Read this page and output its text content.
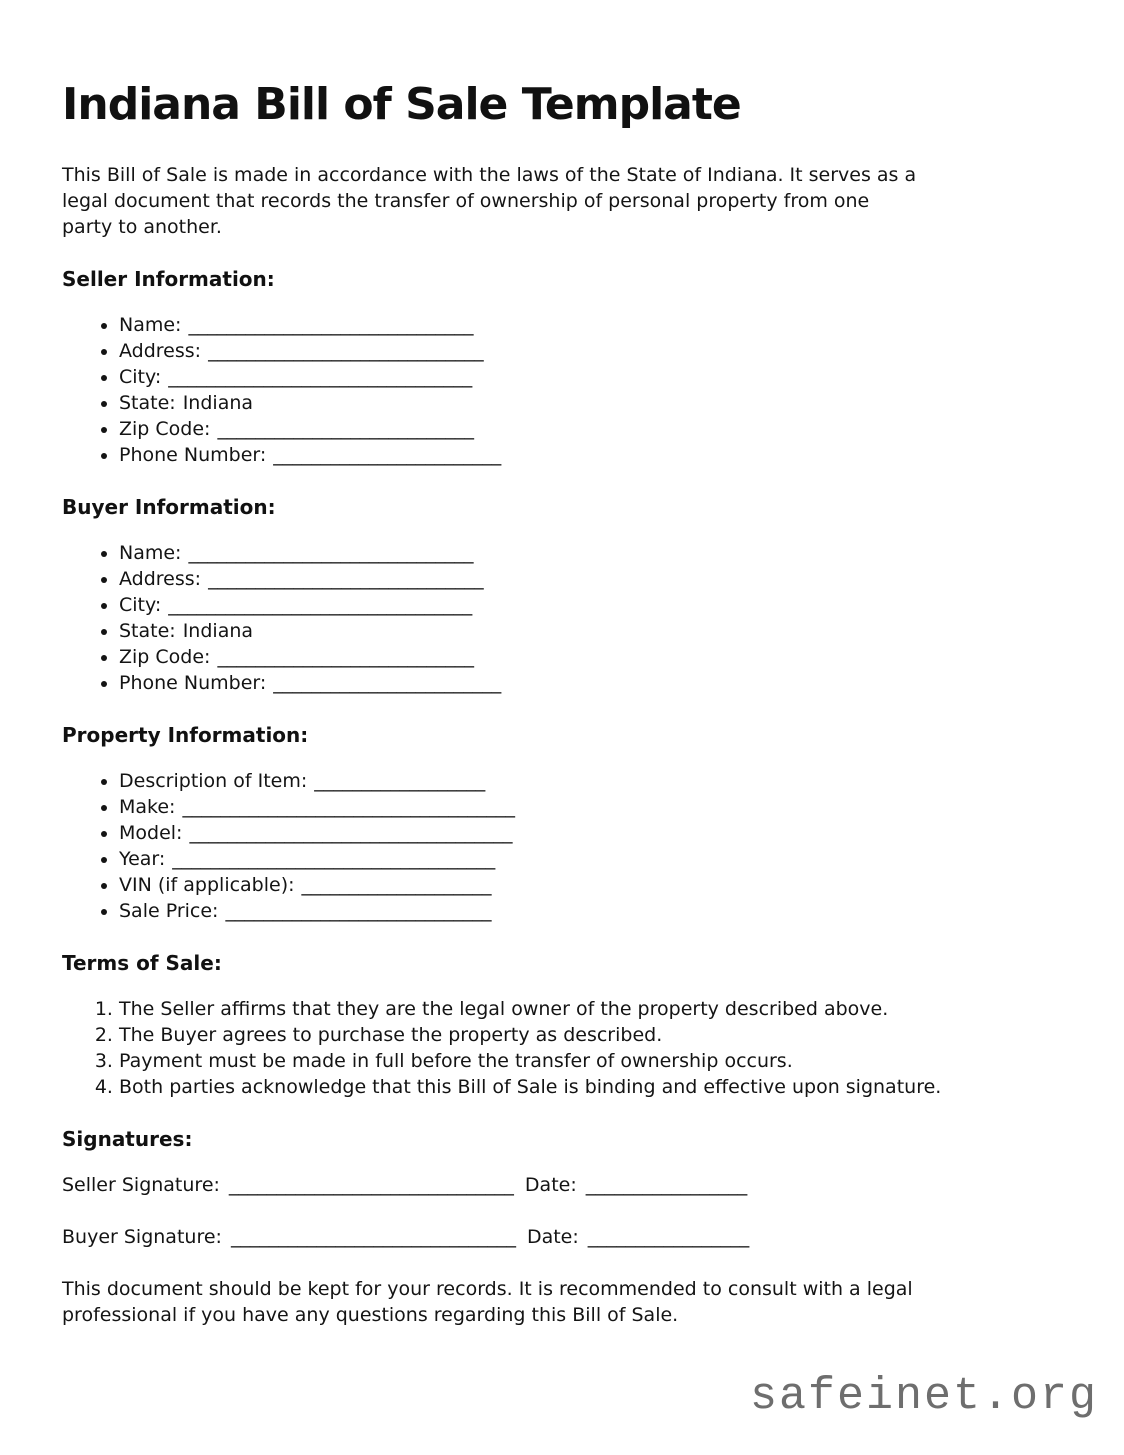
Indiana Bill of Sale Template

This Bill of Sale is made in accordance with the laws of the State of Indiana. It serves as a
legal document that records the transfer of ownership of personal property from one
party to another.

Seller Information:
• Name: ______________________________
• Address: _____________________________
• City: ________________________________
• State: Indiana
• Zip Code: ___________________________
• Phone Number: ________________________
Buyer Information:
• Name: ______________________________
• Address: _____________________________
• City: ________________________________
• State: Indiana
• Zip Code: ___________________________
• Phone Number: ________________________
Property Information:
• Description of Item: __________________
• Make: ___________________________________
• Model: __________________________________
• Year: __________________________________
• VIN (if applicable): ____________________
• Sale Price: ____________________________
Terms of Sale:
1. The Seller affirms that they are the legal owner of the property described above.
2. The Buyer agrees to purchase the property as described.
3. Payment must be made in full before the transfer of ownership occurs.
4. Both parties acknowledge that this Bill of Sale is binding and effective upon signature.
Signatures:

Seller Signature: ______________________________ Date: _________________

Buyer Signature: ______________________________ Date: _________________

This document should be kept for your records. It is recommended to consult with a legal
professional if you have any questions regarding this Bill of Sale.

safeinet.org
